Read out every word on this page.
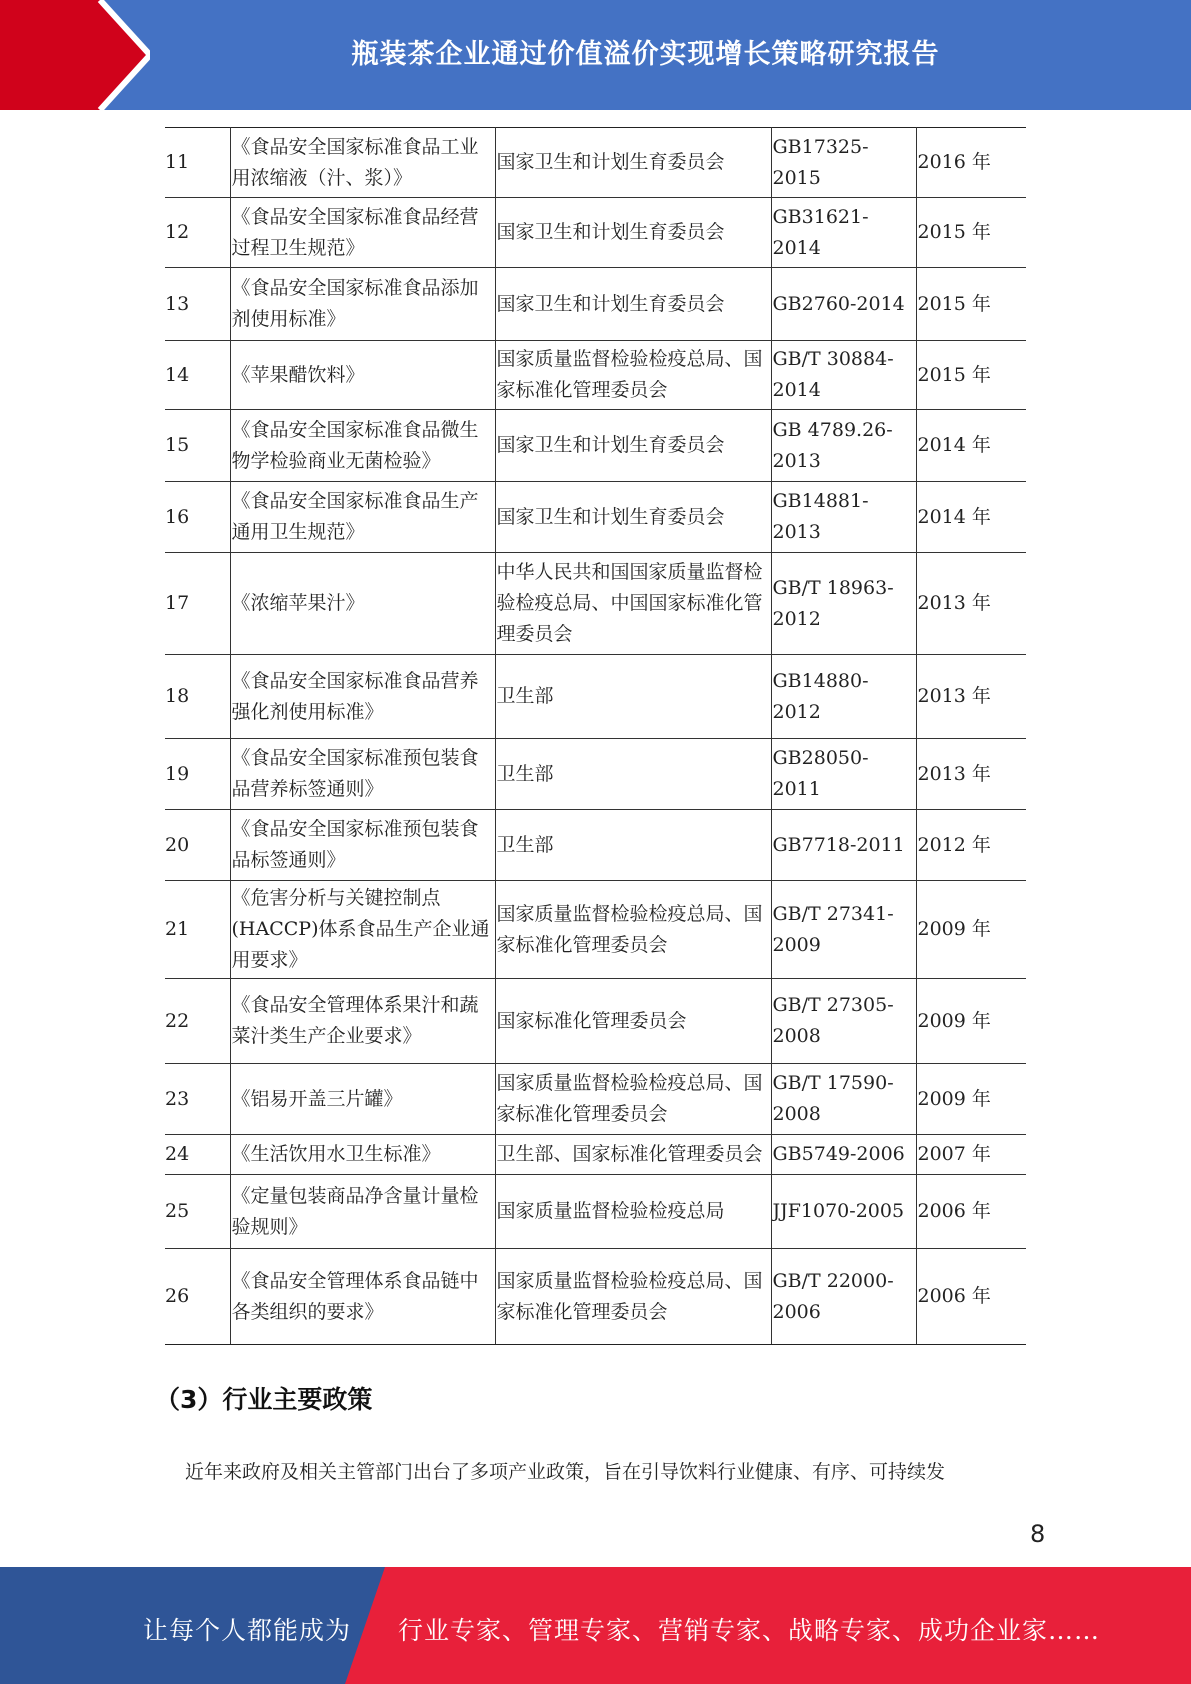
瓶装茶企业通过价值溢价实现增长策略研究报告
11	《食品安全国家标准食品工业用浓缩液（汁、浆）》	国家卫生和计划生育委员会	GB17325-2015	2016 年
12	《食品安全国家标准食品经营过程卫生规范》	国家卫生和计划生育委员会	GB31621-2014	2015 年
13	《食品安全国家标准食品添加剂使用标准》	国家卫生和计划生育委员会	GB2760-2014	2015 年
14	《苹果醋饮料》	国家质量监督检验检疫总局、国家标准化管理委员会	GB/T 30884-2014	2015 年
15	《食品安全国家标准食品微生物学检验商业无菌检验》	国家卫生和计划生育委员会	GB 4789.26-2013	2014 年
16	《食品安全国家标准食品生产通用卫生规范》	国家卫生和计划生育委员会	GB14881-2013	2014 年
17	《浓缩苹果汁》	中华人民共和国国家质量监督检验检疫总局、中国国家标准化管理委员会	GB/T 18963-2012	2013 年
18	《食品安全国家标准食品营养强化剂使用标准》	卫生部	GB14880-2012	2013 年
19	《食品安全国家标准预包装食品营养标签通则》	卫生部	GB28050-2011	2013 年
20	《食品安全国家标准预包装食品标签通则》	卫生部	GB7718-2011	2012 年
21	《危害分析与关键控制点(HACCP)体系食品生产企业通用要求》	国家质量监督检验检疫总局、国家标准化管理委员会	GB/T 27341-2009	2009 年
22	《食品安全管理体系果汁和蔬菜汁类生产企业要求》	国家标准化管理委员会	GB/T 27305-2008	2009 年
23	《铝易开盖三片罐》	国家质量监督检验检疫总局、国家标准化管理委员会	GB/T 17590-2008	2009 年
24	《生活饮用水卫生标准》	卫生部、国家标准化管理委员会	GB5749-2006	2007 年
25	《定量包装商品净含量计量检验规则》	国家质量监督检验检疫总局	JJF1070-2005	2006 年
26	《食品安全管理体系食品链中各类组织的要求》	国家质量监督检验检疫总局、国家标准化管理委员会	GB/T 22000-2006	2006 年
（3）行业主要政策
近年来政府及相关主管部门出台了多项产业政策，旨在引导饮料行业健康、有序、可持续发
8
让每个人都能成为 行业专家、管理专家、营销专家、战略专家、成功企业家……
